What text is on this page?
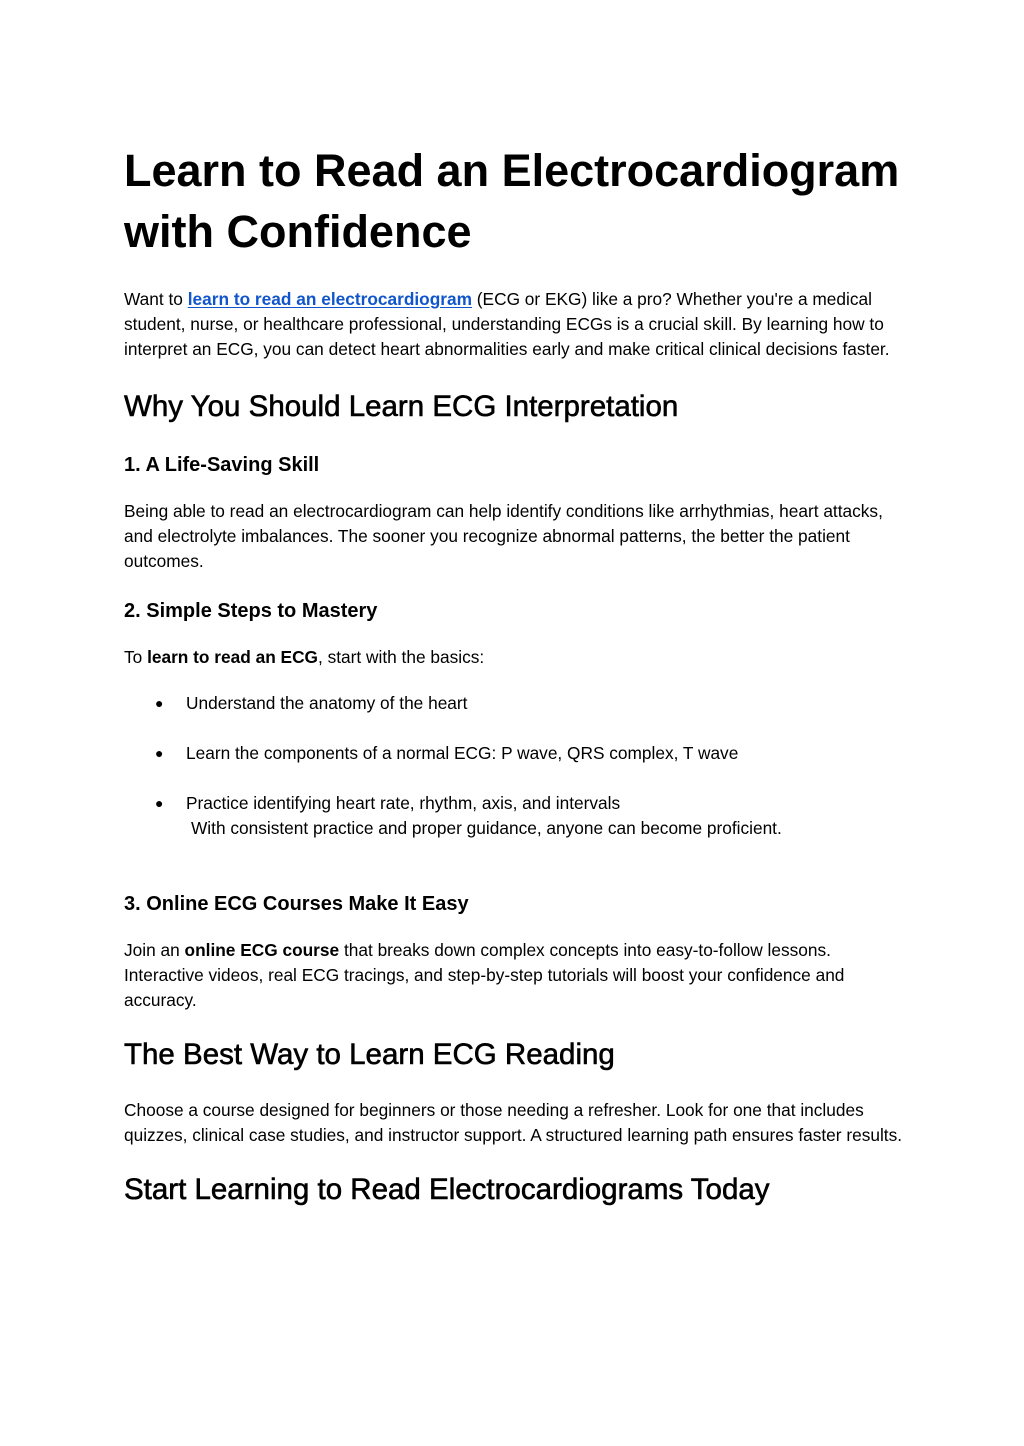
Learn to Read an Electrocardiogram with Confidence

Want to learn to read an electrocardiogram (ECG or EKG) like a pro? Whether you're a medical student, nurse, or healthcare professional, understanding ECGs is a crucial skill. By learning how to interpret an ECG, you can detect heart abnormalities early and make critical clinical decisions faster.

Why You Should Learn ECG Interpretation
1. A Life-Saving Skill

Being able to read an electrocardiogram can help identify conditions like arrhythmias, heart attacks, and electrolyte imbalances. The sooner you recognize abnormal patterns, the better the patient outcomes.

2. Simple Steps to Mastery

To learn to read an ECG, start with the basics:

● Understand the anatomy of the heart
● Learn the components of a normal ECG: P wave, QRS complex, T wave
● Practice identifying heart rate, rhythm, axis, and intervals
With consistent practice and proper guidance, anyone can become proficient.
3. Online ECG Courses Make It Easy

Join an online ECG course that breaks down complex concepts into easy-to-follow lessons. Interactive videos, real ECG tracings, and step-by-step tutorials will boost your confidence and accuracy.

The Best Way to Learn ECG Reading

Choose a course designed for beginners or those needing a refresher. Look for one that includes quizzes, clinical case studies, and instructor support. A structured learning path ensures faster results.

Start Learning to Read Electrocardiograms Today
